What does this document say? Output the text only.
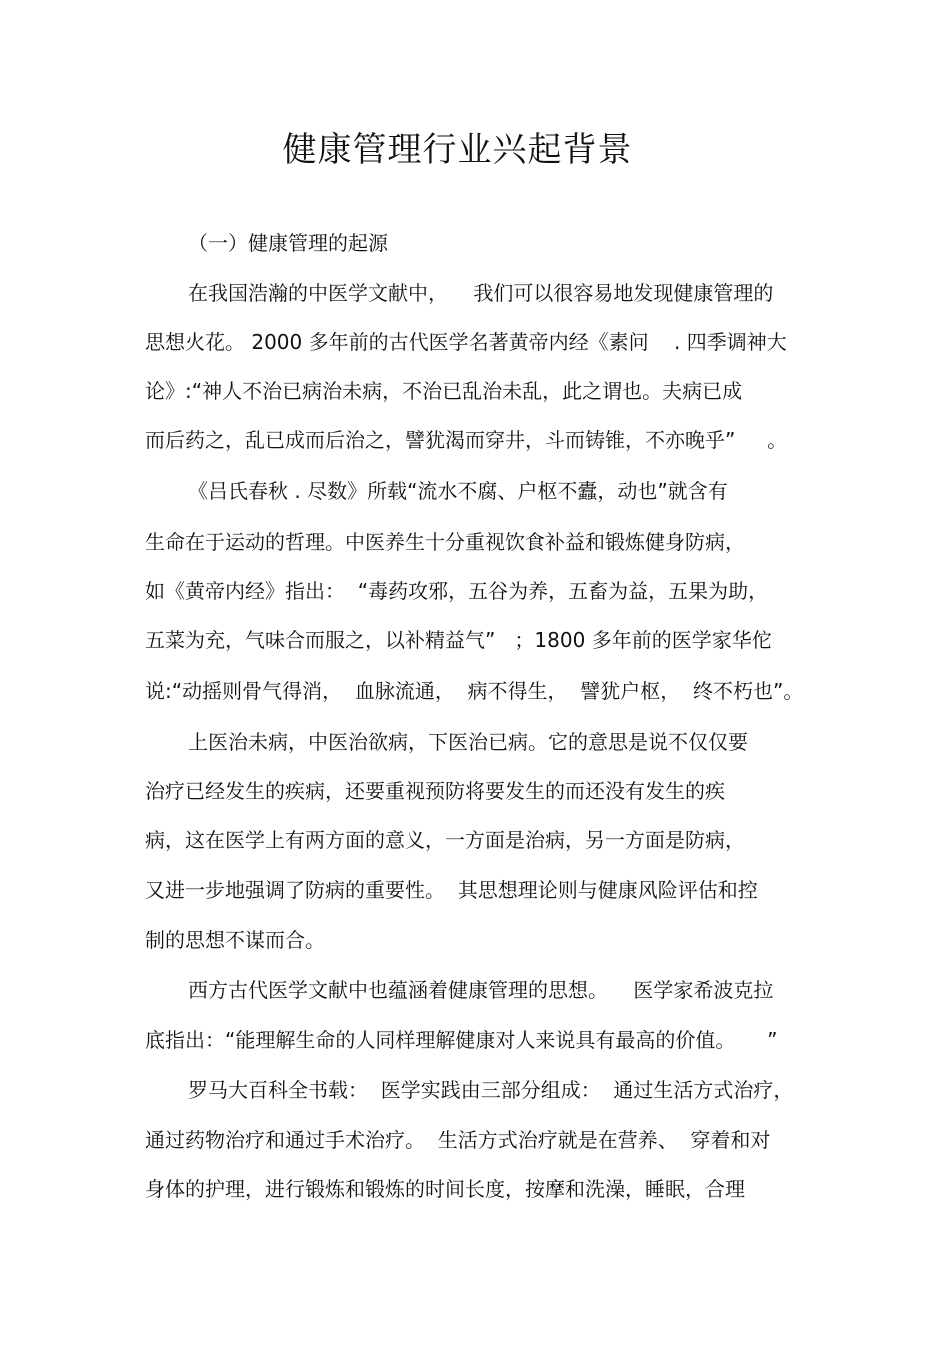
健康管理行业兴起背景

（一）健康管理的起源

在我国浩瀚的中医学文献中，    我们可以很容易地发现健康管理的

思想火花。 2000 多年前的古代医学名著黄帝内经《素问    . 四季调神大

论》:“神人不治已病治未病，不治已乱治未乱，此之谓也。夫病已成

而后药之，乱已成而后治之，譬犹渴而穿井，斗而铸锥，不亦晚乎”     。

《吕氏春秋 . 尽数》所载“流水不腐、户枢不蠹，动也”就含有

生命在于运动的哲理。中医养生十分重视饮食补益和锻炼健身防病，

如《黄帝内经》指出：  “毒药攻邪，五谷为养，五畜为益，五果为助，

五菜为充，气味合而服之，以补精益气”   ；1800 多年前的医学家华佗

说:“动摇则骨气得消，  血脉流通，  病不得生，  譬犹户枢，  终不朽也”。

上医治未病，中医治欲病，下医治已病。它的意思是说不仅仅要

治疗已经发生的疾病，还要重视预防将要发生的而还没有发生的疾

病，这在医学上有两方面的意义，一方面是治病，另一方面是防病，

又进一步地强调了防病的重要性。  其思想理论则与健康风险评估和控

制的思想不谋而合。

西方古代医学文献中也蕴涵着健康管理的思想。    医学家希波克拉

底指出：“能理解生命的人同样理解健康对人来说具有最高的价值。     ”

罗马大百科全书载：  医学实践由三部分组成：  通过生活方式治疗，

通过药物治疗和通过手术治疗。  生活方式治疗就是在营养、  穿着和对

身体的护理，进行锻炼和锻炼的时间长度，按摩和洗澡，睡眠，合理
